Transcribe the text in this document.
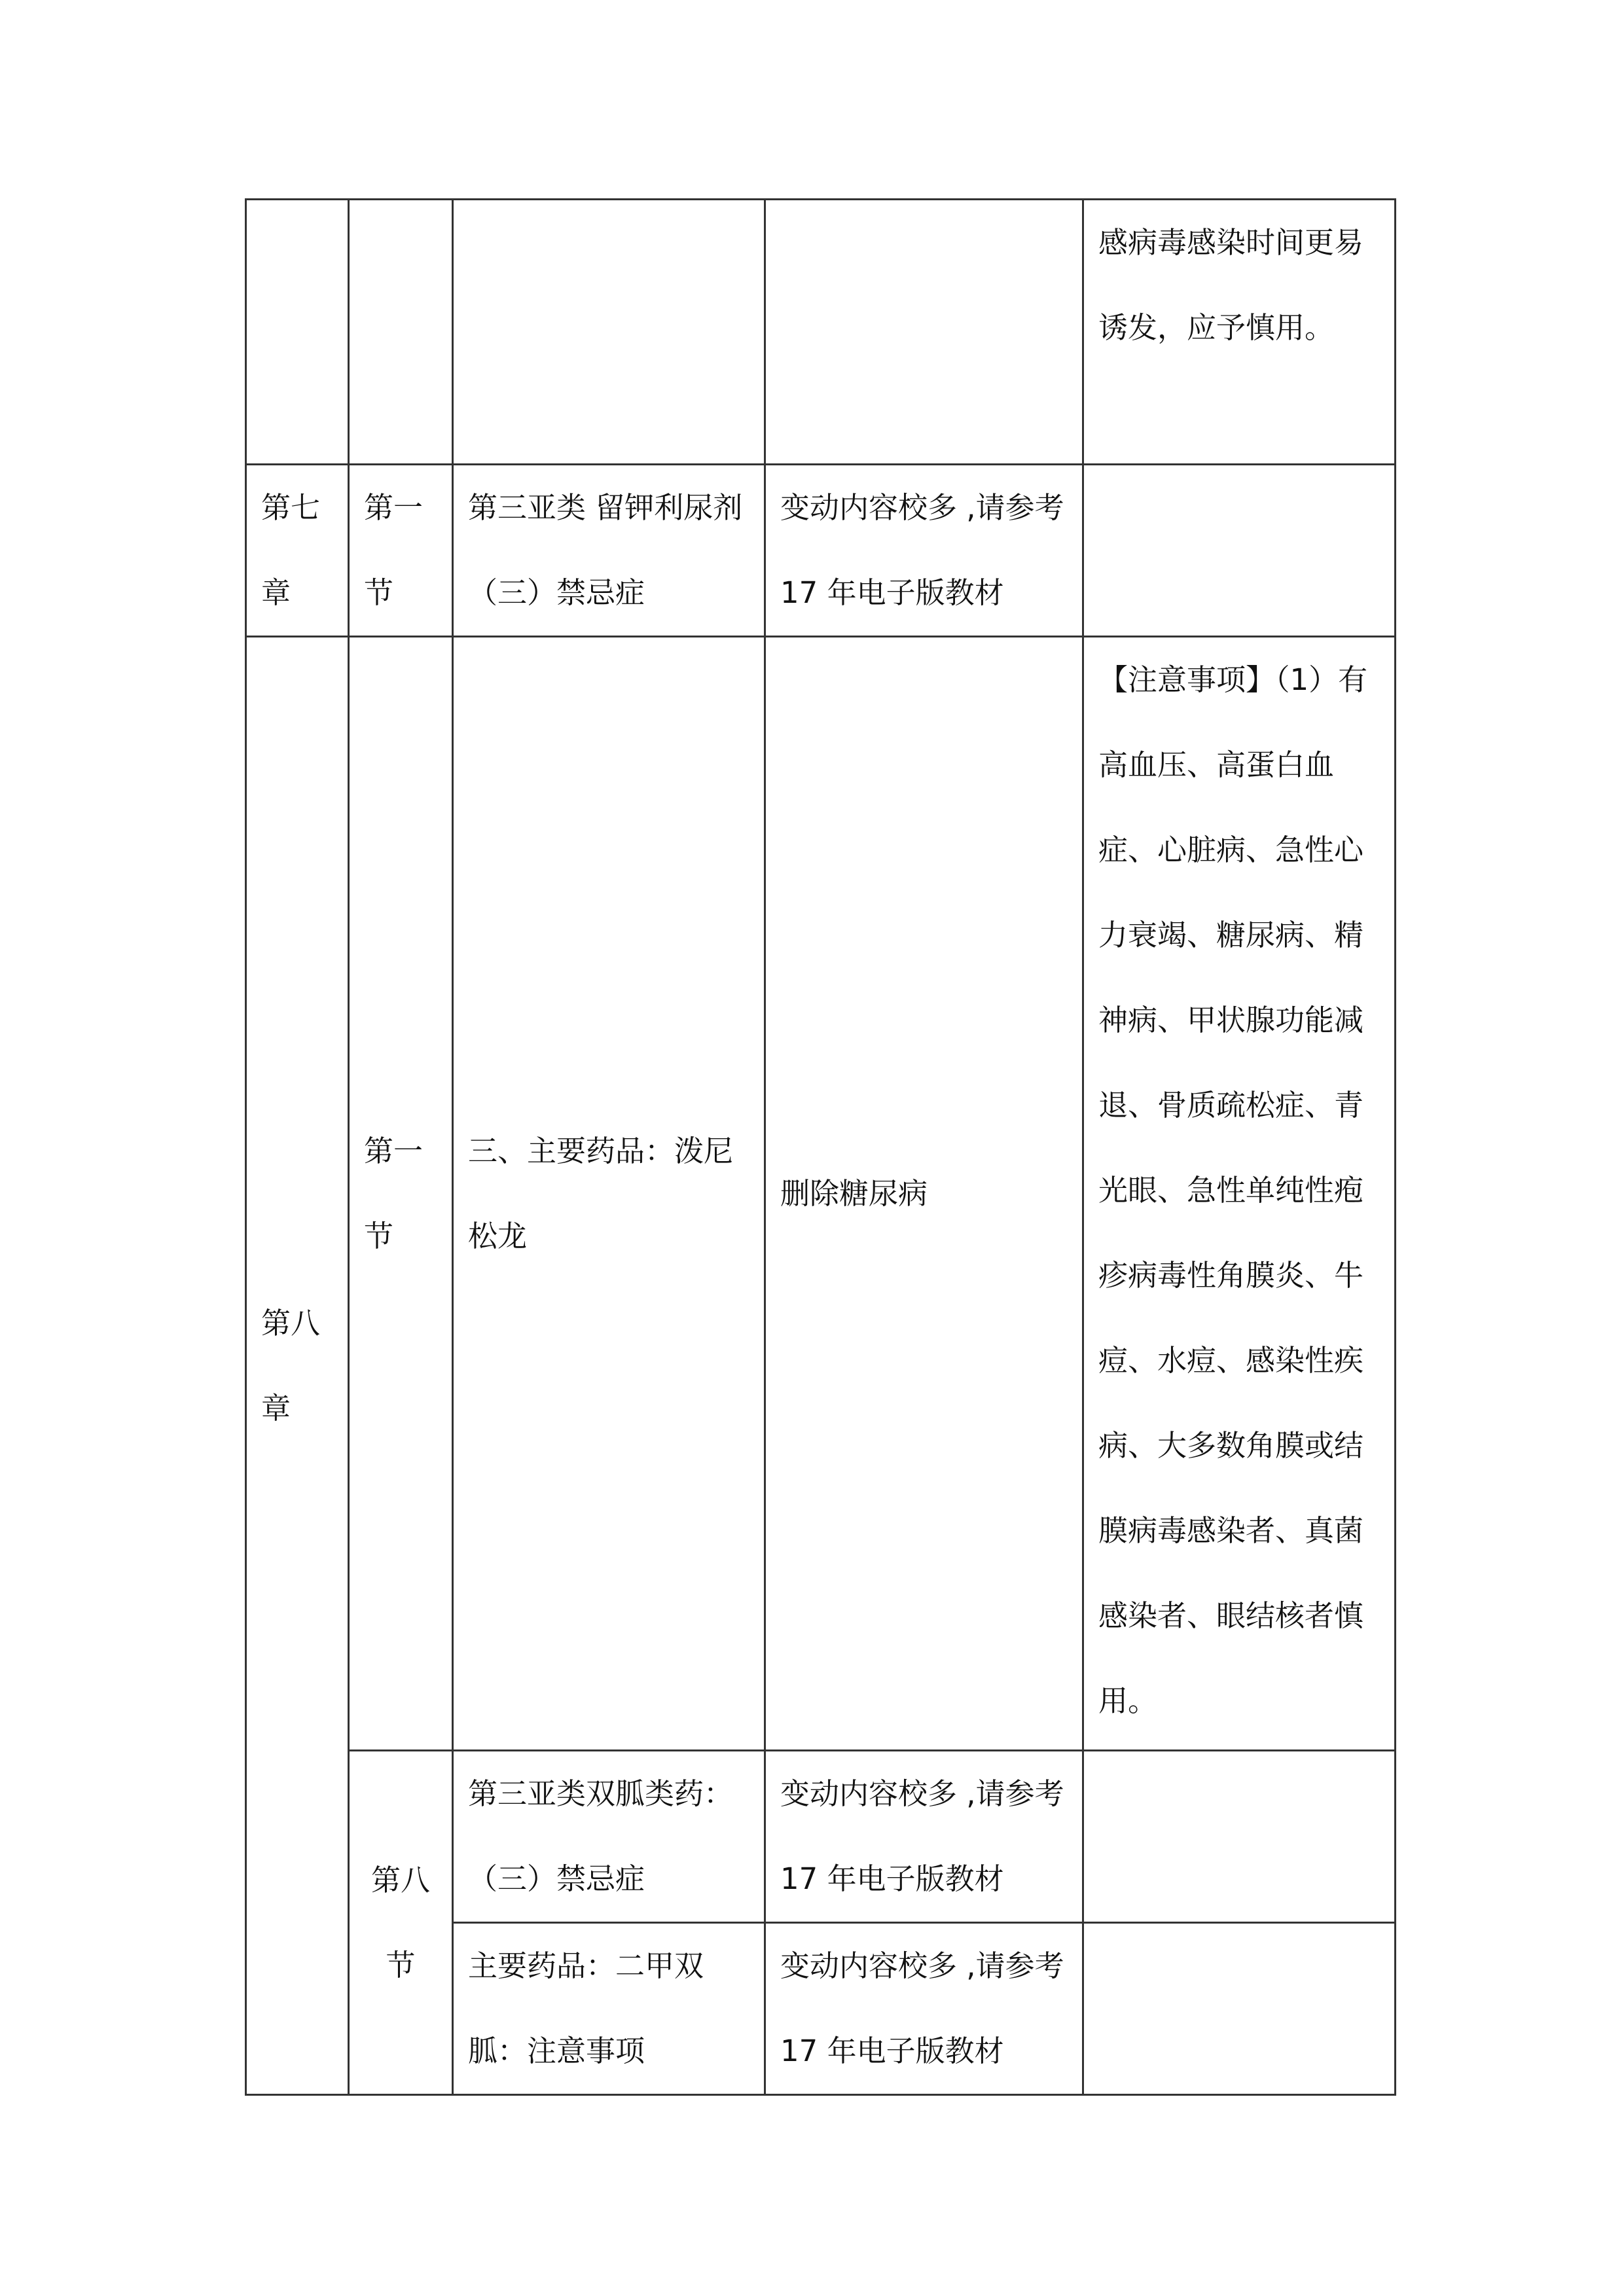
				感病毒感染时间更易诱发，应予慎用。

第七章	第一节	第三亚类 留钾利尿剂（三）禁忌症	变动内容校多 ,请参考 17 年电子版教材	

第八章	第一节	三、主要药品：泼尼松龙	删除糖尿病	【注意事项】（1）有高血压、高蛋白血症、心脏病、急性心力衰竭、糖尿病、精神病、甲状腺功能减退、骨质疏松症、青光眼、急性单纯性疱疹病毒性角膜炎、牛痘、水痘、感染性疾病、大多数角膜或结膜病毒感染者、真菌感染者、眼结核者慎用。

	第八节	第三亚类双胍类药：（三）禁忌症	变动内容校多 ,请参考 17 年电子版教材	

		主要药品：二甲双胍：注意事项	变动内容校多 ,请参考 17 年电子版教材	
